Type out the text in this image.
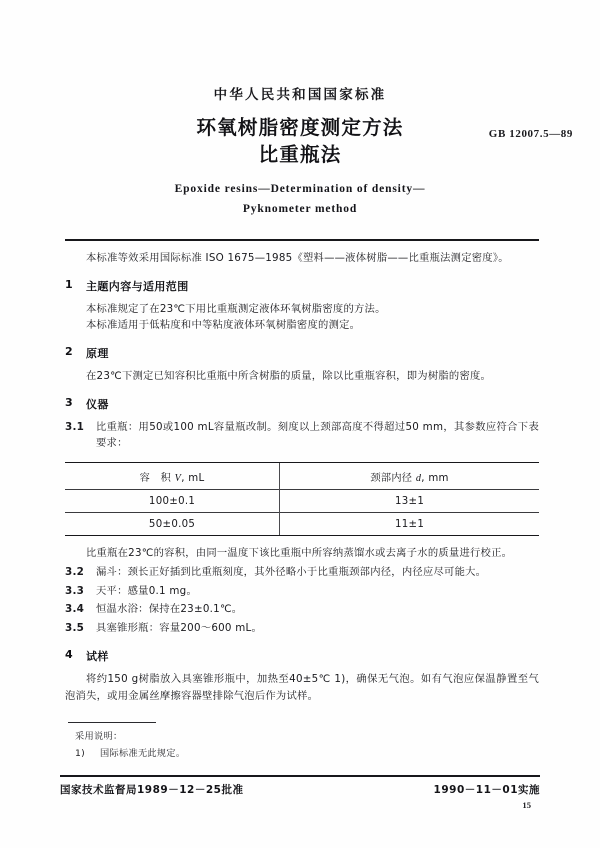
中华人民共和国国家标准
环氧树脂密度测定方法
比重瓶法
GB 12007.5—89
Epoxide resins—Determination of density—
Pyknometer method
本标准等效采用国际标准 ISO 1675—1985《塑料——液体树脂——比重瓶法测定密度》。
1	主题内容与适用范围
本标准规定了在23℃下用比重瓶测定液体环氧树脂密度的方法。
本标准适用于低粘度和中等粘度液体环氧树脂密度的测定。
2	原理
在23℃下测定已知容积比重瓶中所含树脂的质量，除以比重瓶容积，即为树脂的密度。
3	仪器
3.1	比重瓶：用50或100 mL容量瓶改制。刻度以上颈部高度不得超过50 mm，其参数应符合下表要求：
容　积 V, mL	颈部内径 d, mm
100±0.1	13±1
50±0.05	11±1
比重瓶在23℃的容积，由同一温度下该比重瓶中所容纳蒸馏水或去离子水的质量进行校正。
3.2	漏斗：颈长正好插到比重瓶刻度，其外径略小于比重瓶颈部内径，内径应尽可能大。
3.3	天平：感量0.1 mg。
3.4	恒温水浴：保持在23±0.1℃。
3.5	具塞锥形瓶：容量200～600 mL。
4	试样
将约150 g树脂放入具塞锥形瓶中，加热至40±5℃ 1)，确保无气泡。如有气泡应保温静置至气泡消失，或用金属丝摩擦容器壁排除气泡后作为试样。
采用说明：
1)	国际标准无此规定。
国家技术监督局1989－12－25批准	1990－11－01实施
15
